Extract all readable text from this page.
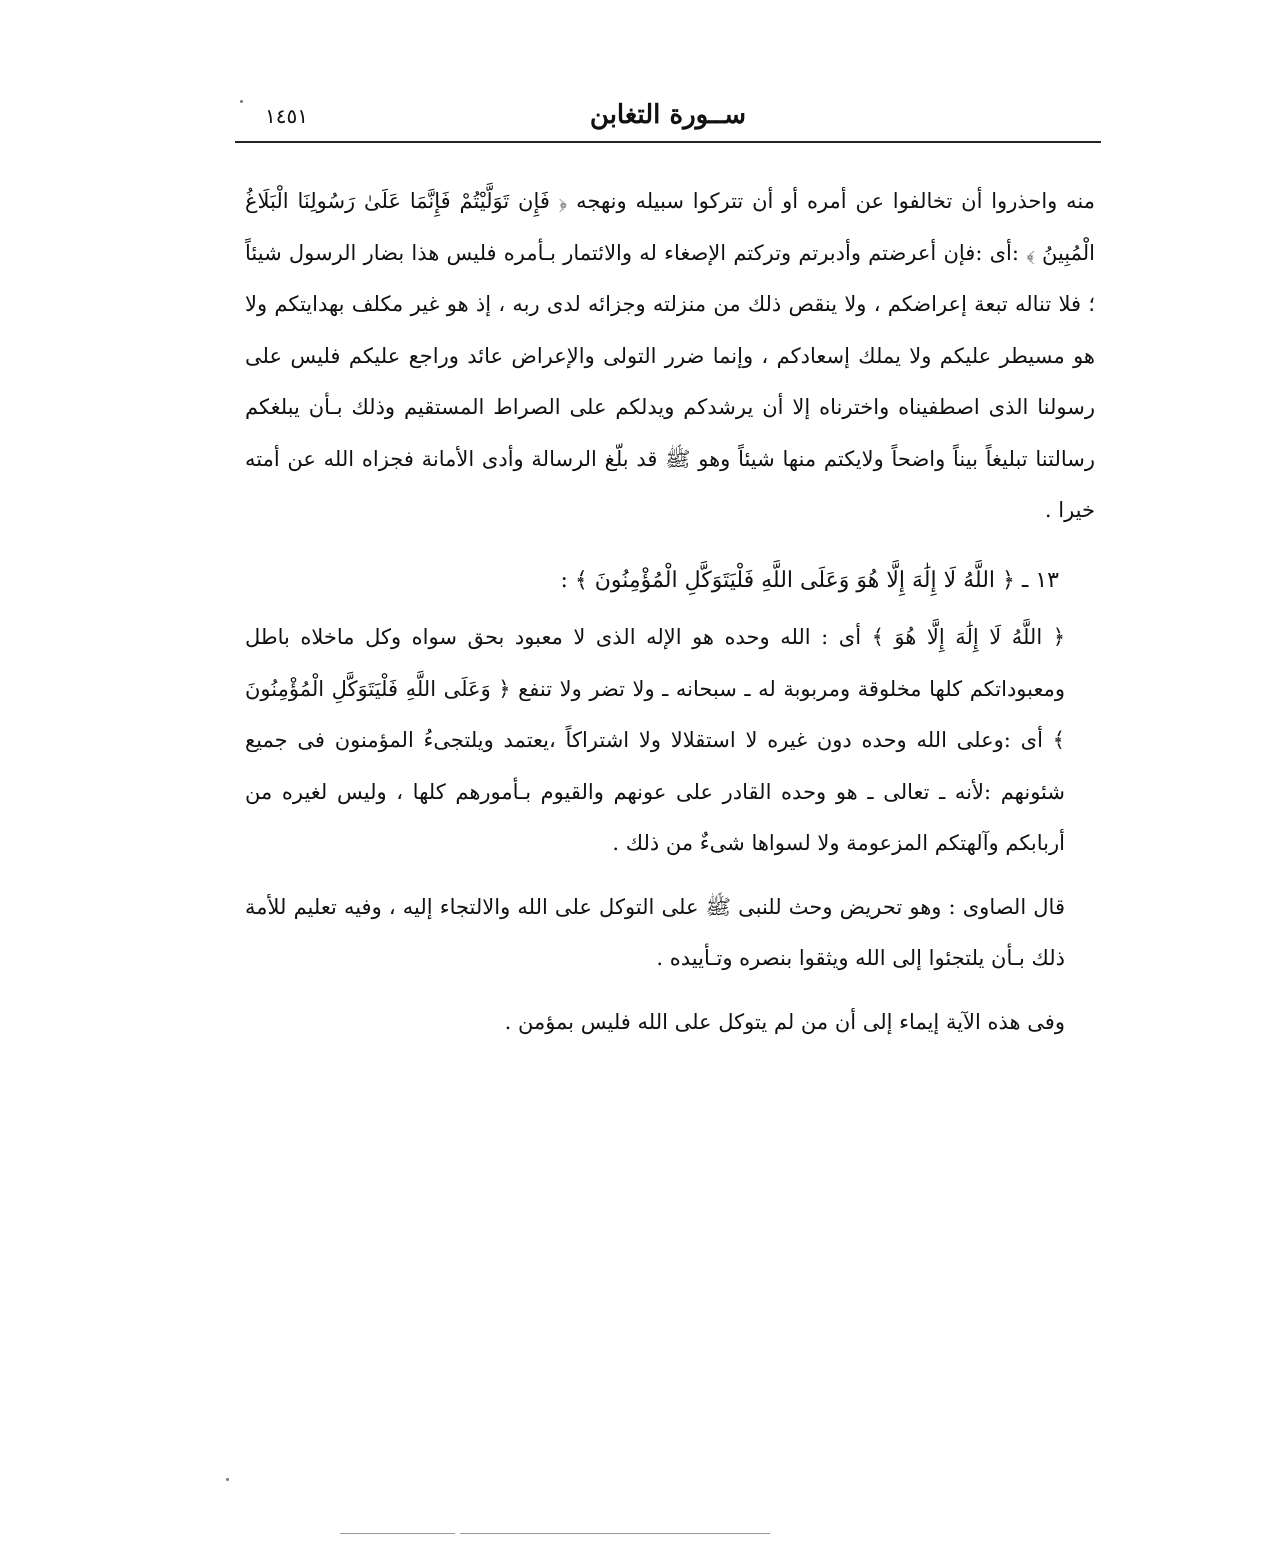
ســورة التغابن
١٤٥١

منه واحذروا أن تخالفوا عن أمره أو أن تتركوا سبيله ونهجه ﴿ فَإِن تَوَلَّيْتُمْ فَإِنَّمَا عَلَىٰ رَسُولِنَا الْبَلَاغُ الْمُبِينُ ﴾ :أى :فإن أعرضتم وأدبرتم وتركتم الإصغاء له والائتمار بـأمره فليس هذا بضار الرسول شيئاً ؛ فلا تناله تبعة إعراضكم ، ولا ينقص ذلك من منزلته وجزائه لدى ربه ، إذ هو غير مكلف بهدايتكم ولا هو مسيطر عليكم ولا يملك إسعادكم ، وإنما ضرر التولى والإعراض عائد وراجع عليكم فليس على رسولنا الذى اصطفيناه واخترناه إلا أن يرشدكم ويدلكم على الصراط المستقيم وذلك بـأن يبلغكم رسالتنا تبليغاً بيناً واضحاً ولايكتم منها شيئاً وهو ﷺ قد بلّغ الرسالة وأدى الأمانة فجزاه الله عن أمته خيرا .

١٣ ـ ﴿ اللَّهُ لَا إِلَٰهَ إِلَّا هُوَ وَعَلَى اللَّهِ فَلْيَتَوَكَّلِ الْمُؤْمِنُونَ ﴾ :

﴿ اللَّهُ لَا إِلَٰهَ إِلَّا هُوَ ﴾ أى : الله وحده هو الإله الذى لا معبود بحق سواه وكل ماخلاه باطل ومعبوداتكم كلها مخلوقة ومربوبة له ـ سبحانه ـ ولا تضر ولا تنفع ﴿ وَعَلَى اللَّهِ فَلْيَتَوَكَّلِ الْمُؤْمِنُونَ ﴾ أى :وعلى الله وحده دون غيره لا استقلالا ولا اشتراكاً ،يعتمد ويلتجىءُ المؤمنون فى جميع شئونهم :لأنه ـ تعالى ـ هو وحده القادر على عونهم والقيوم بـأمورهم كلها ، وليس لغيره من أربابكم وآلهتكم المزعومة ولا لسواها شىءٌ من ذلك .

قال الصاوى : وهو تحريض وحث للنبى ﷺ على التوكل على الله والالتجاء إليه ، وفيه تعليم للأمة ذلك بـأن يلتجئوا إلى الله ويثقوا بنصره وتـأييده .

وفى هذه الآية إيماء إلى أن من لم يتوكل على الله فليس بمؤمن .
